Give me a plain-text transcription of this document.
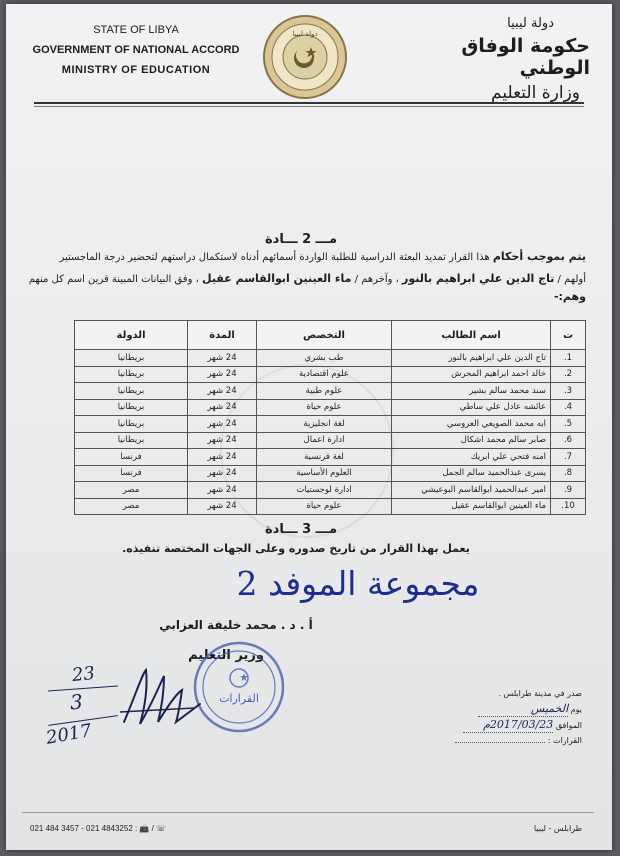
STATE OF LIBYA
GOVERNMENT OF NATIONAL ACCORD
MINISTRY OF EDUCATION
دولة ليبيا
دولة ليبيا
حكومة الوفاق الوطني
وزارة التعليم
مـــ 2 ـــادة
يتم بموجب أحكام هذا القرار تمديد البعثة الدراسية للطلبة الواردة أسمائهم أدناه لاستكمال دراستهم لتحضير درجة الماجستير
أولهم / تاج الدين علي ابراهيم بالنور ، وآخرهم / ماء العينين ابوالقاسم عقيل ، وفق البيانات المبينة قرين اسم كل منهم
وهم:-
ت	اسم الطالب	التخصص	المدة	الدولة
1.	تاج الدين علي ابراهيم بالنور	طب بشري	24 شهر	بريطانيا
2.	خالد احمد ابراهيم المحرش	علوم اقتصادية	24 شهر	بريطانيا
3.	سند محمد سالم بشير	علوم طبية	24 شهر	بريطانيا
4.	عائشه عادل علي ساطي	علوم حياة	24 شهر	بريطانيا
5.	ابه محمد الصويعي العروسي	لغة انجليزية	24 شهر	بريطانيا
6.	صابر سالم محمد اشكال	ادارة اعمال	24 شهر	بريطانيا
7.	امنه فتحي علي ابريك	لغة فرنسية	24 شهر	فرنسا
8.	يسرى عبدالحميد سالم الجمل	العلوم الأساسية	24 شهر	فرنسا
9.	امير عبدالحميد ابوالقاسم البوعيشي	ادارة لوجستيات	24 شهر	مصر
10.	ماء العينين ابوالقاسم عقيل	علوم حياة	24 شهر	مصر
مـــ 3 ـــادة
يعمل بهذا القرار من تاريخ صدوره وعلى الجهات المختصة تنفيذه.
مجموعة الموفد 2
أ . د . محمد خليفة العزابي
وزير التعليم
القرارات
23
3
2017
صدر في مدينة طرابلس .
يوم الخميس
الموافق 2017/03/23م
القرارات :
021 484 3457 - 021 4843252 : 📠 / ☏	طرابلس - ليبيا
